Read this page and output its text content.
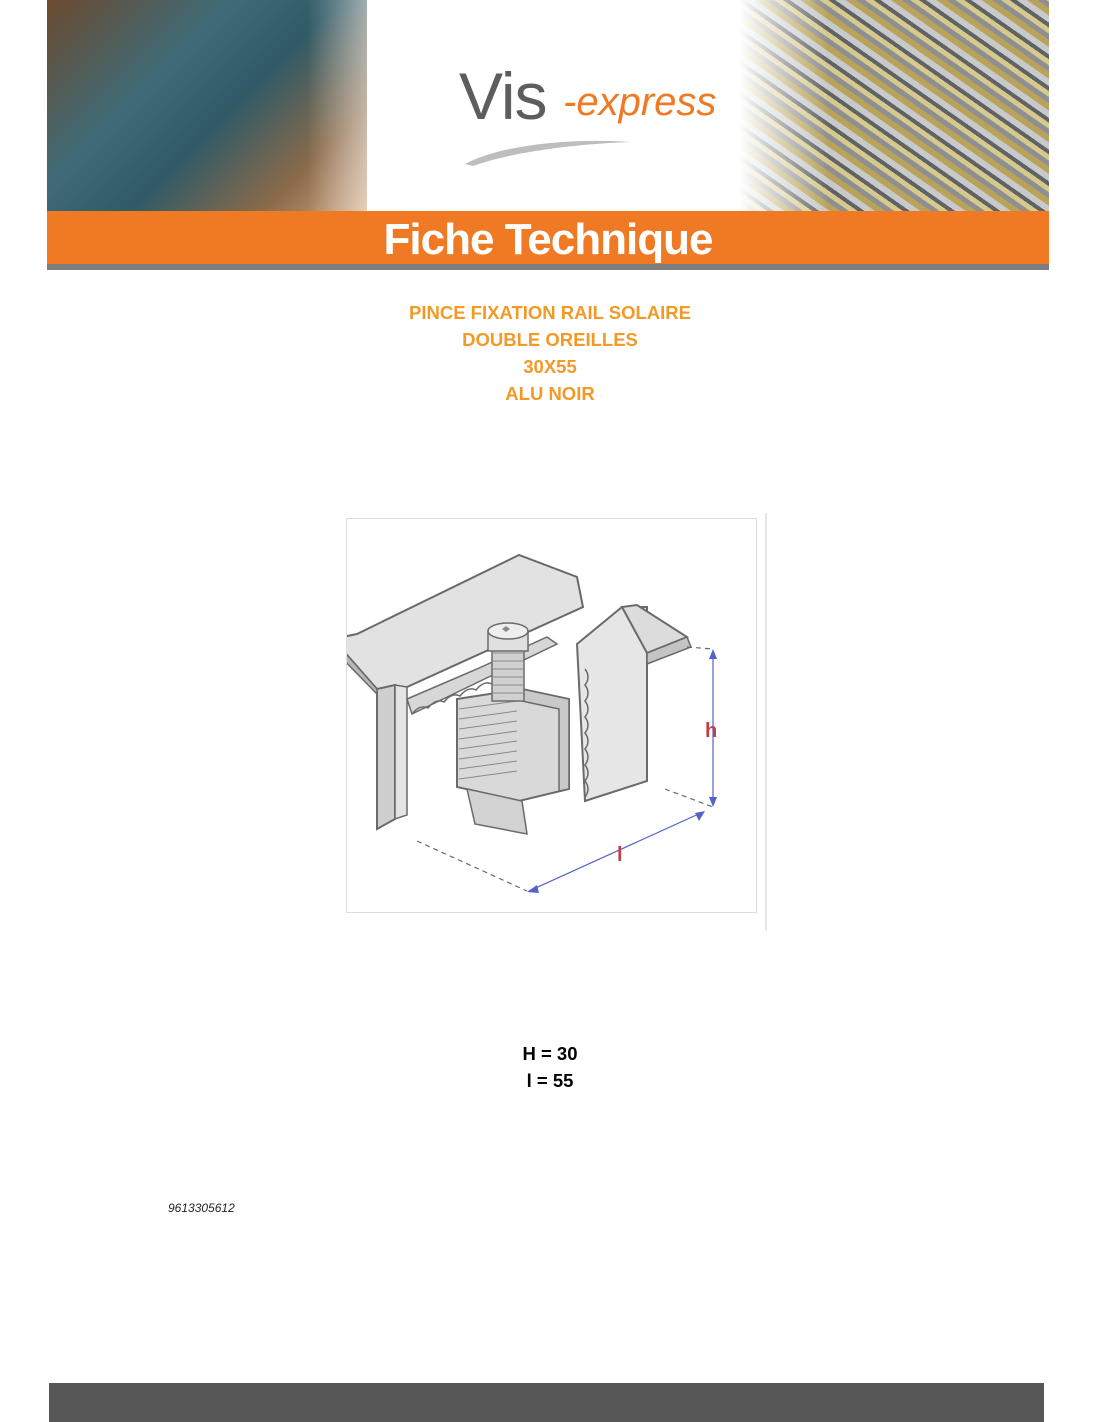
Vis -express
Fiche Technique
PINCE FIXATION RAIL SOLAIRE
DOUBLE OREILLES
30X55
ALU NOIR
h
l
H = 30
l = 55
9613305612
